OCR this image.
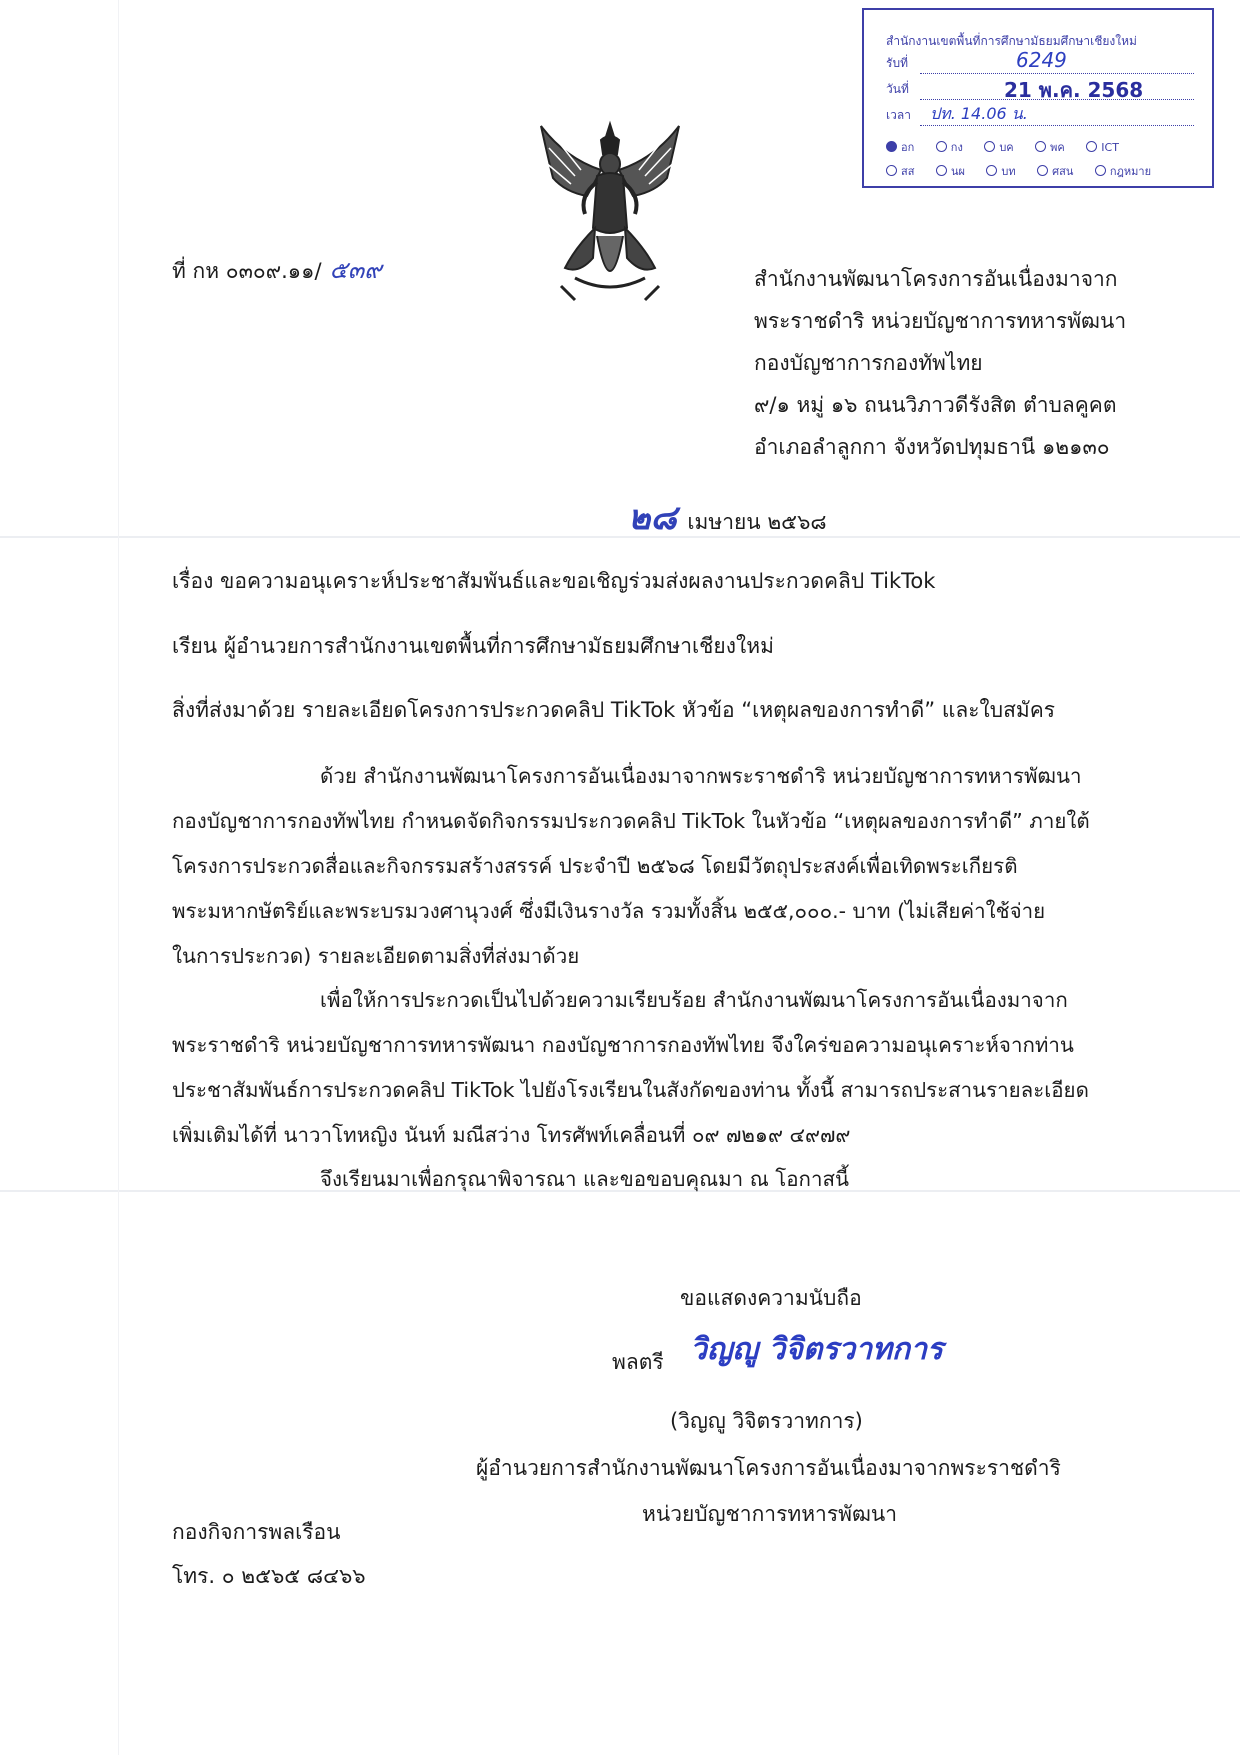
สำนักงานเขตพื้นที่การศึกษามัธยมศึกษาเชียงใหม่
รับที่	6249
วันที่	21 พ.ค. 2568
เวลา ปท. 14.06 น.
อก	กง	บค	พค	ICT
สส	นผ	บท	ศสน	กฎหมาย
ที่ กห ๐๓๐๙.๑๑/ ๕๓๙	สำนักงานพัฒนาโครงการอันเนื่องมาจาก
พระราชดำริ หน่วยบัญชาการทหารพัฒนา
กองบัญชาการกองทัพไทย
๙/๑ หมู่ ๑๖ ถนนวิภาวดีรังสิต ตำบลคูคต
อำเภอลำลูกกา จังหวัดปทุมธานี ๑๒๑๓๐
๒๘ เมษายน ๒๕๖๘
เรื่อง ขอความอนุเคราะห์ประชาสัมพันธ์และขอเชิญร่วมส่งผลงานประกวดคลิป TikTok
เรียน ผู้อำนวยการสำนักงานเขตพื้นที่การศึกษามัธยมศึกษาเชียงใหม่
สิ่งที่ส่งมาด้วย รายละเอียดโครงการประกวดคลิป TikTok หัวข้อ “เหตุผลของการทำดี” และใบสมัคร
ด้วย สำนักงานพัฒนาโครงการอันเนื่องมาจากพระราชดำริ หน่วยบัญชาการทหารพัฒนา
กองบัญชาการกองทัพไทย กำหนดจัดกิจกรรมประกวดคลิป TikTok ในหัวข้อ “เหตุผลของการทำดี” ภายใต้
โครงการประกวดสื่อและกิจกรรมสร้างสรรค์ ประจำปี ๒๕๖๘ โดยมีวัตถุประสงค์เพื่อเทิดพระเกียรติ
พระมหากษัตริย์และพระบรมวงศานุวงศ์ ซึ่งมีเงินรางวัล รวมทั้งสิ้น ๒๕๕,๐๐๐.- บาท (ไม่เสียค่าใช้จ่าย
ในการประกวด) รายละเอียดตามสิ่งที่ส่งมาด้วย
เพื่อให้การประกวดเป็นไปด้วยความเรียบร้อย สำนักงานพัฒนาโครงการอันเนื่องมาจาก
พระราชดำริ หน่วยบัญชาการทหารพัฒนา กองบัญชาการกองทัพไทย จึงใคร่ขอความอนุเคราะห์จากท่าน
ประชาสัมพันธ์การประกวดคลิป TikTok ไปยังโรงเรียนในสังกัดของท่าน ทั้งนี้ สามารถประสานรายละเอียด
เพิ่มเติมได้ที่ นาวาโทหญิง นันท์ มณีสว่าง โทรศัพท์เคลื่อนที่ ๐๙ ๗๒๑๙ ๔๙๗๙
จึงเรียนมาเพื่อกรุณาพิจารณา และขอขอบคุณมา ณ โอกาสนี้
ขอแสดงความนับถือ
พลตรี วิญญู วิจิตรวาทการ
(วิญญู วิจิตรวาทการ)
ผู้อำนวยการสำนักงานพัฒนาโครงการอันเนื่องมาจากพระราชดำริ
หน่วยบัญชาการทหารพัฒนา
กองกิจการพลเรือน
โทร. ๐ ๒๕๖๕ ๘๔๖๖
